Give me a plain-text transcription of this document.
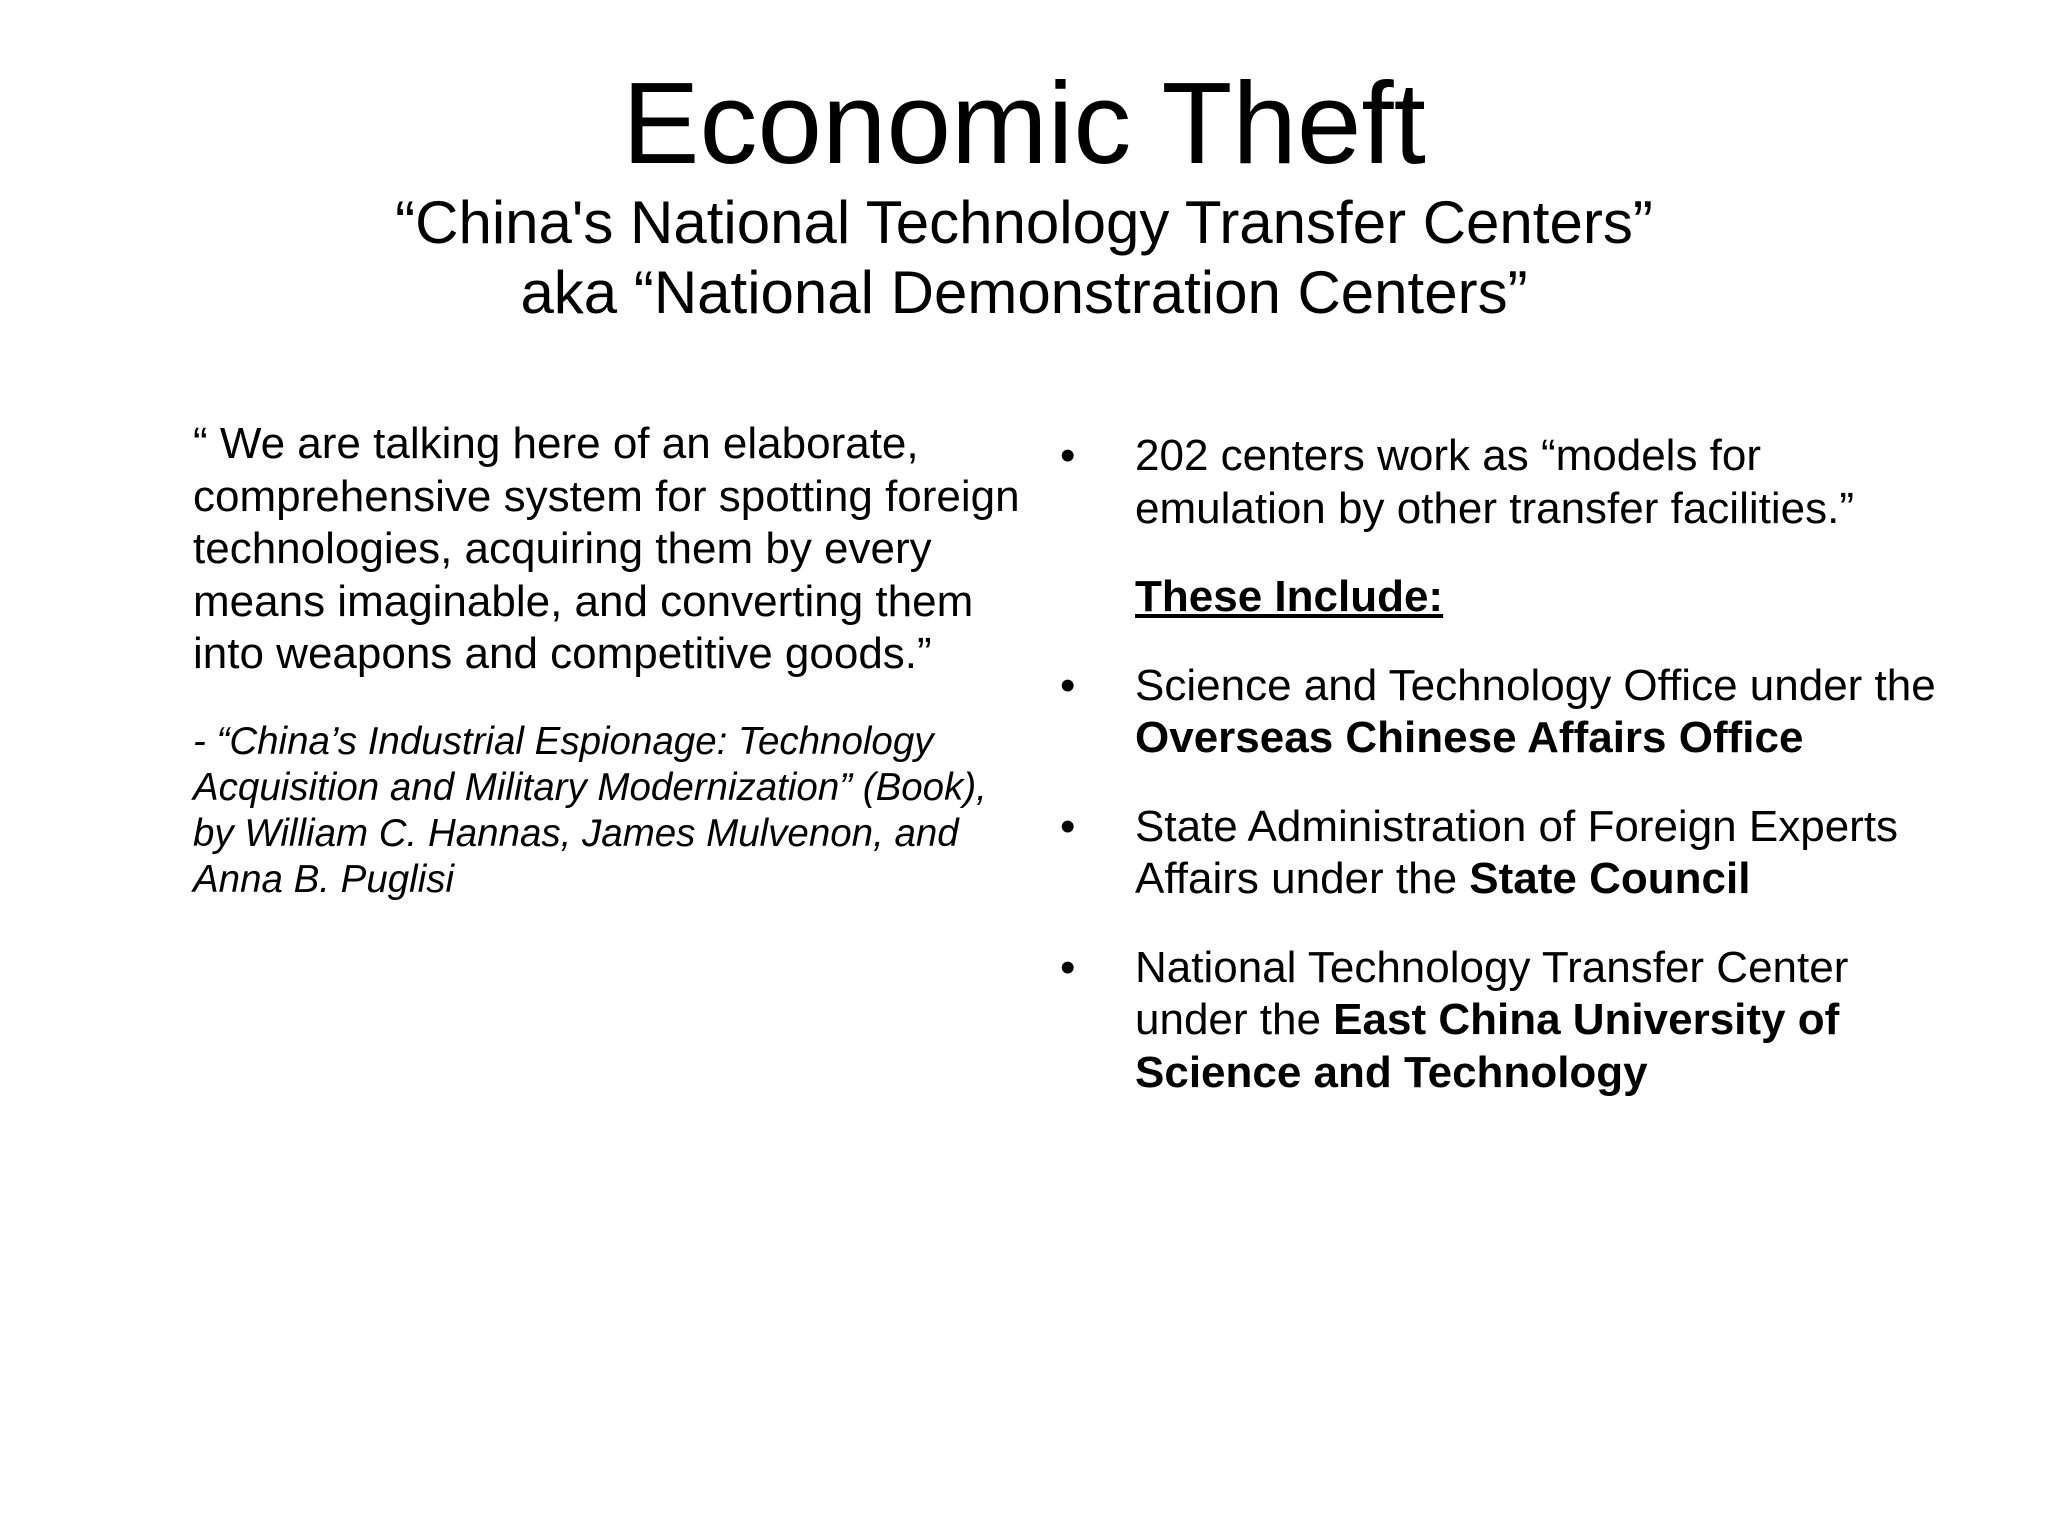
Economic Theft
“China's National Technology Transfer Centers”
aka “National Demonstration Centers”

“ We are talking here of an elaborate, comprehensive system for spotting foreign technologies, acquiring them by every means imaginable, and converting them into weapons and competitive goods.”

- “China’s Industrial Espionage: Technology Acquisition and Military Modernization” (Book), by William C. Hannas, James Mulvenon, and Anna B. Puglisi
•	202 centers work as “models for emulation by other transfer facilities.”
These Include:
•	Science and Technology Office under the Overseas Chinese Affairs Office
•	State Administration of Foreign Experts Affairs under the State Council
•	National Technology Transfer Center under the East China University of Science and Technology
